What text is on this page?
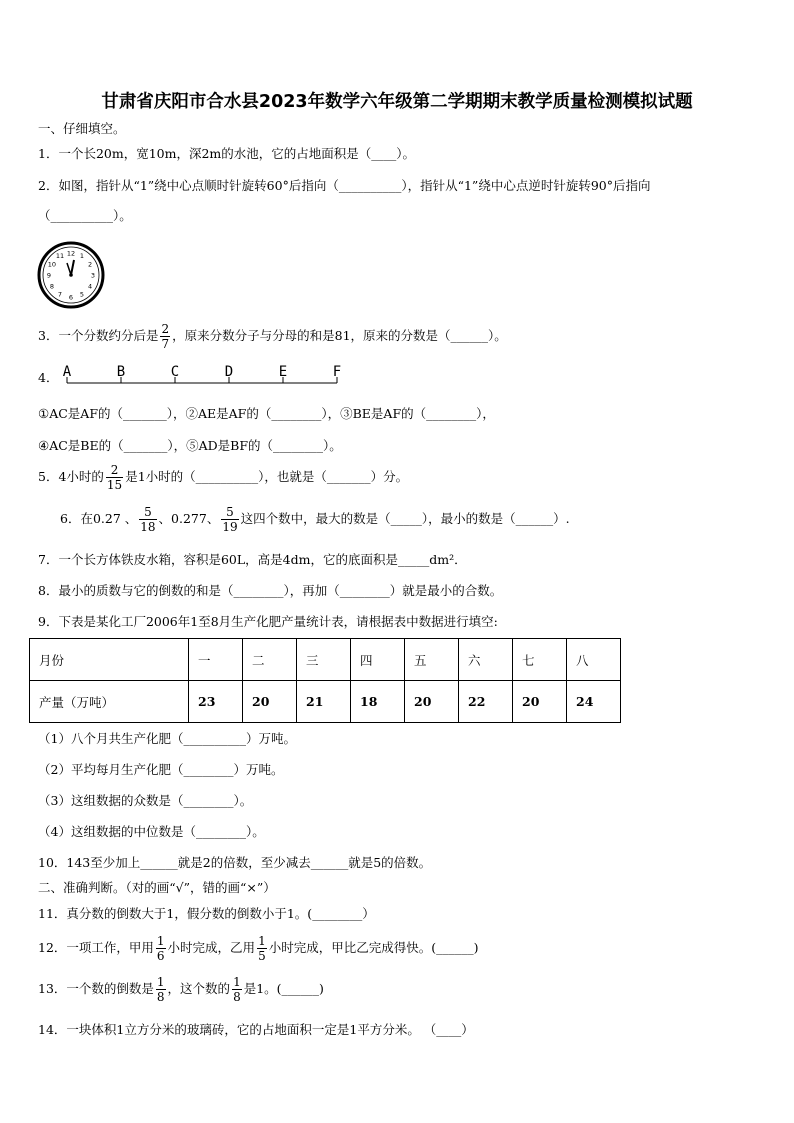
甘肃省庆阳市合水县2023年数学六年级第二学期期末教学质量检测模拟试题
一、仔细填空。
1．一个长20m，宽10m，深2m的水池，它的占地面积是（____）。
2．如图，指针从“1”绕中心点顺时针旋转60°后指向（__________），指针从“1”绕中心点逆时针旋转90°后指向
（__________）。
12 1
2
3
4
5
6
7
8
9
10
11
3．一个分数约分后是 $\frac{2}{7}$ ，原来分数分子与分母的和是81，原来的分数是（______）。
4． A	B	C	D	E	F
①AC是AF的（_______），②AE是AF的（________），③BE是AF的（________），
④AC是BE的（_______），⑤AD是BF的（________）。
5．4小时的 $\frac{2}{15}$ 是1小时的（__________），也就是（_______）分。
6．在0.27 、 $\frac{5}{18}$ 、0.277、 $\frac{5}{19}$ 这四个数中，最大的数是（_____），最小的数是（______）.
7．一个长方体铁皮水箱，容积是60L，高是4dm，它的底面积是_____dm²．
8．最小的质数与它的倒数的和是（________），再加（________）就是最小的合数。
9．下表是某化工厂2006年1至8月生产化肥产量统计表，请根据表中数据进行填空:
月份	一	二	三	四	五	六	七	八
产量（万吨）	23	20	21	18	20	22	20	24
（1）八个月共生产化肥（__________）万吨。
（2）平均每月生产化肥（________）万吨。
（3）这组数据的众数是（________）。
（4）这组数据的中位数是（________）。
10．143至少加上______就是2的倍数，至少减去______就是5的倍数。
二、准确判断。（对的画“√”，错的画“×”）
11．真分数的倒数大于1，假分数的倒数小于1。(________）
12．一项工作，甲用 $\frac{1}{6}$ 小时完成，乙用 $\frac{1}{5}$ 小时完成，甲比乙完成得快。(______)
13．一个数的倒数是 $\frac{1}{8}$ ，这个数的 $\frac{1}{8}$ 是1。(______)
14．一块体积1立方分米的玻璃砖，它的占地面积一定是1平方分米。 （____）
